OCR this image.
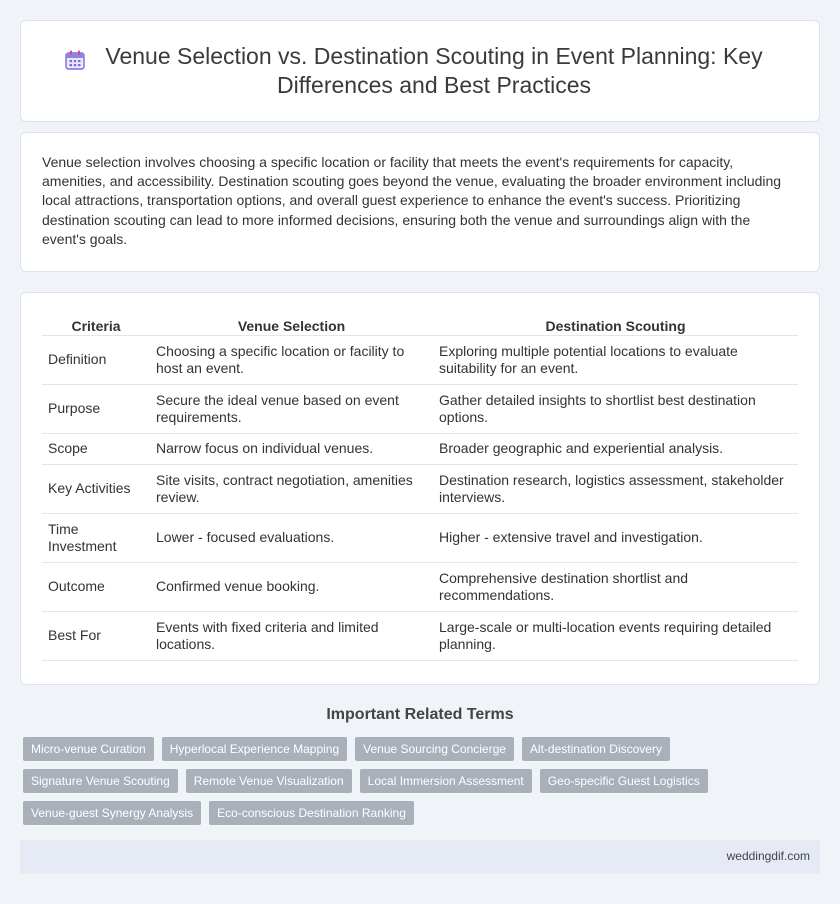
Venue Selection vs. Destination Scouting in Event Planning: Key Differences and Best Practices

Venue selection involves choosing a specific location or facility that meets the event's requirements for capacity, amenities, and accessibility. Destination scouting goes beyond the venue, evaluating the broader environment including local attractions, transportation options, and overall guest experience to enhance the event's success. Prioritizing destination scouting can lead to more informed decisions, ensuring both the venue and surroundings align with the event's goals.

Criteria	Venue Selection	Destination Scouting
Definition	Choosing a specific location or facility to host an event.	Exploring multiple potential locations to evaluate suitability for an event.
Purpose	Secure the ideal venue based on event requirements.	Gather detailed insights to shortlist best destination options.
Scope	Narrow focus on individual venues.	Broader geographic and experiential analysis.
Key Activities	Site visits, contract negotiation, amenities review.	Destination research, logistics assessment, stakeholder interviews.
Time Investment	Lower - focused evaluations.	Higher - extensive travel and investigation.
Outcome	Confirmed venue booking.	Comprehensive destination shortlist and recommendations.
Best For	Events with fixed criteria and limited locations.	Large-scale or multi-location events requiring detailed planning.
Important Related Terms
Micro-venue Curation	Hyperlocal Experience Mapping	Venue Sourcing Concierge	Alt-destination Discovery
Signature Venue Scouting	Remote Venue Visualization	Local Immersion Assessment	Geo-specific Guest Logistics
Venue-guest Synergy Analysis	Eco-conscious Destination Ranking
weddingdif.com
